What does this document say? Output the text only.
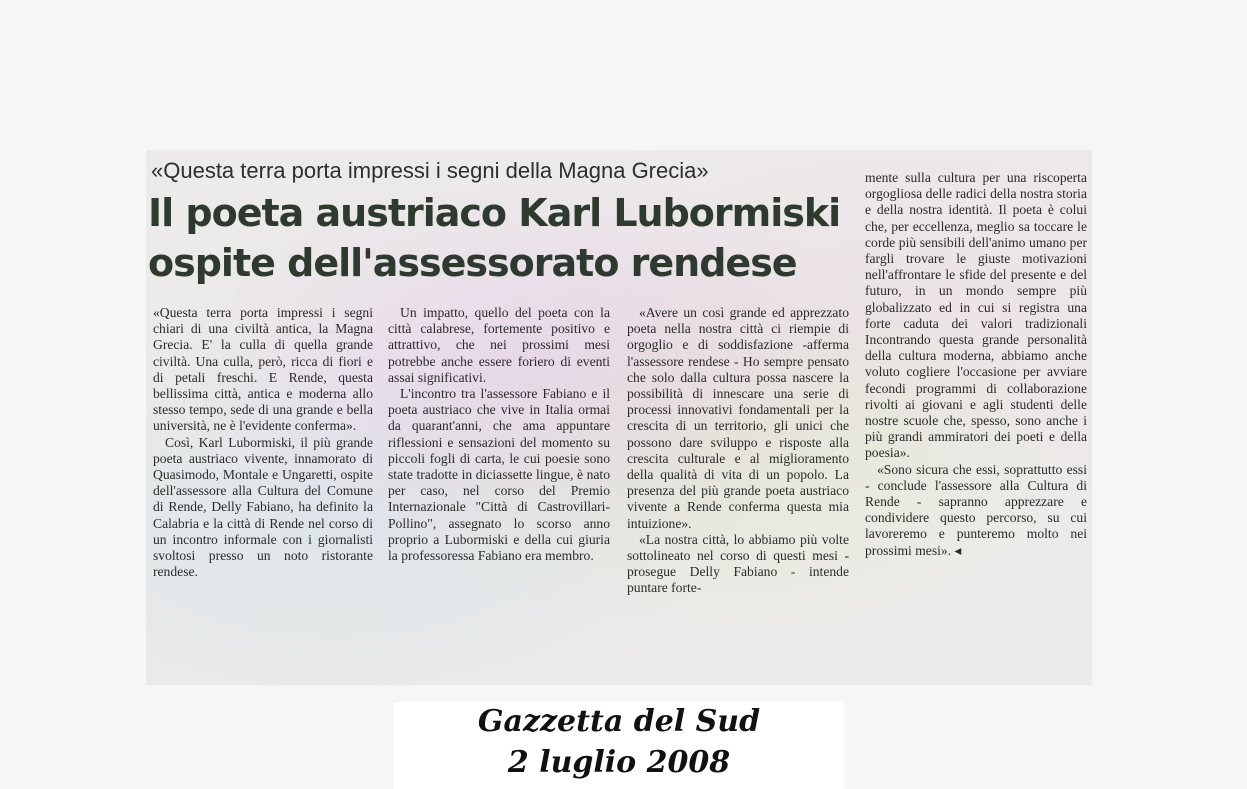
«Questa terra porta impressi i segni della Magna Grecia»
Il poeta austriaco Karl Lubormiski
ospite dell'assessorato rendese

«Questa terra porta impressi i segni chiari di una civiltà antica, la Magna Grecia. E' la culla di quella grande civiltà. Una culla, però, ricca di fiori e di petali freschi. E Rende, questa bellissima città, antica e moderna allo stesso tempo, sede di una grande e bella università, ne è l'evidente conferma».

Così, Karl Lubormiski, il più grande poeta austriaco vivente, innamorato di Quasimodo, Montale e Ungaretti, ospite dell'assessore alla Cultura del Comune di Rende, Delly Fabiano, ha definito la Calabria e la città di Rende nel corso di un incontro informale con i giornalisti svoltosi presso un noto ristorante rendese.

Un impatto, quello del poeta con la città calabrese, fortemente positivo e attrattivo, che nei prossimi mesi potrebbe anche essere foriero di eventi assai significativi.

L'incontro tra l'assessore Fabiano e il poeta austriaco che vive in Italia ormai da quarant'anni, che ama appuntare riflessioni e sensazioni del momento su piccoli fogli di carta, le cui poesie sono state tradotte in diciassette lingue, è nato per caso, nel corso del Premio Internazionale "Città di Castrovillari-Pollino", assegnato lo scorso anno proprio a Lubormiski e della cui giuria la professoressa Fabiano era membro.

«Avere un così grande ed apprezzato poeta nella nostra città ci riempie di orgoglio e di soddisfazione -afferma l'assessore rendese - Ho sempre pensato che solo dalla cultura possa nascere la possibilità di innescare una serie di processi innovativi fondamentali per la crescita di un territorio, gli unici che possono dare sviluppo e risposte alla crescita culturale e al miglioramento della qualità di vita di un popolo. La presenza del più grande poeta austriaco vivente a Rende conferma questa mia intuizione».

«La nostra città, lo abbiamo più volte sottolineato nel corso di questi mesi - prosegue Delly Fabiano - intende puntare forte-

mente sulla cultura per una riscoperta orgogliosa delle radici della nostra storia e della nostra identità. Il poeta è colui che, per eccellenza, meglio sa toccare le corde più sensibili dell'animo umano per fargli trovare le giuste motivazioni nell'affrontare le sfide del presente e del futuro, in un mondo sempre più globalizzato ed in cui si registra una forte caduta dei valori tradizionali Incontrando questa grande personalità della cultura moderna, abbiamo anche voluto cogliere l'occasione per avviare fecondi programmi di collaborazione rivolti ai giovani e agli studenti delle nostre scuole che, spesso, sono anche i più grandi ammiratori dei poeti e della poesia».

«Sono sicura che essi, soprattutto essi - conclude l'assessore alla Cultura di Rende - sapranno apprezzare e condividere questo percorso, su cui lavoreremo e punteremo molto nei prossimi mesi». ◂

Gazzetta del Sud
2 luglio 2008
